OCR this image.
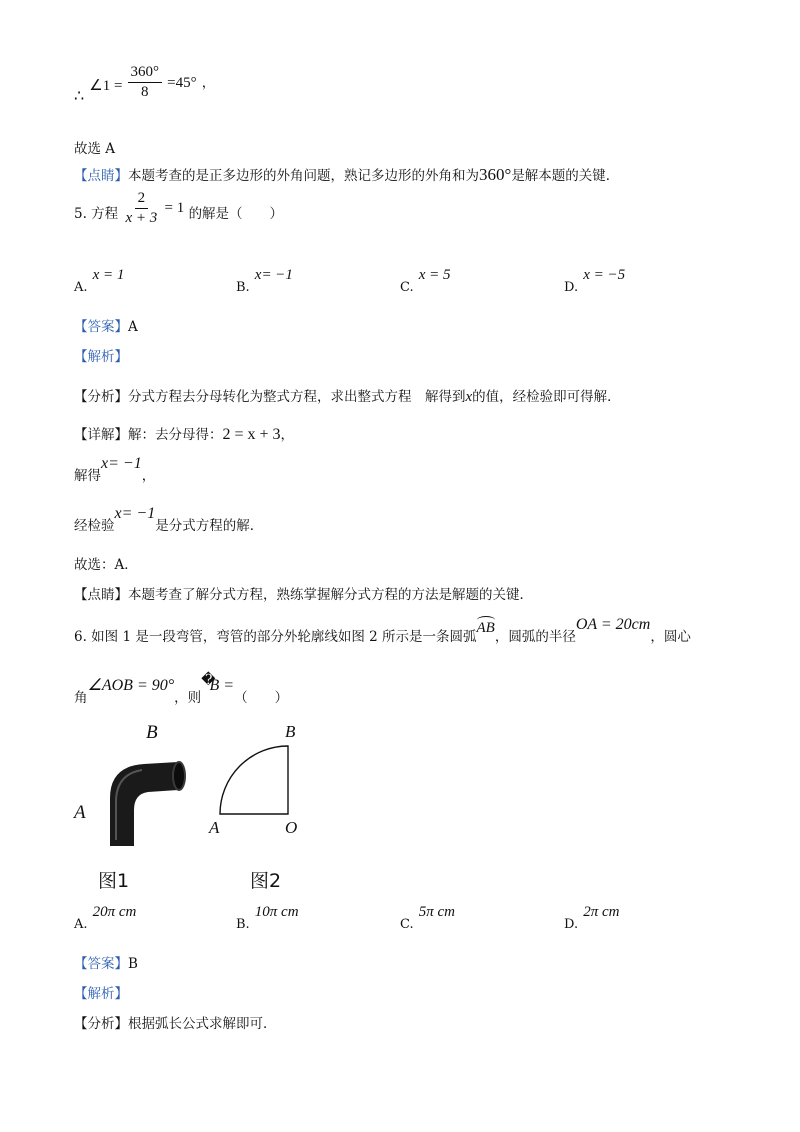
∴ ∠1 = $\frac{360^\circ}{8} =45^\circ$ ，
故选 A
【点睛】本题考查的是正多边形的外角问题，熟记多边形的外角和为360°是解本题的关键．
5. 方程 $\frac{2}{x + 3} = 1$ 的解是（　　）
$_{A.}$ x = 1
$_{B.}$ x= −1
$_{C.}$ x = 5
$_{D.}$ x = −5
【答案】A
【解析】
【分析】分式方程去分母转化为整式方程，求出整式方程　解得到x的值，经检验即可得解．
【详解】解：去分母得：2 = x + 3，
解得x= −1，
经检验x= −1是分式方程的解．
故选：A．
【点睛】本题考查了解分式方程，熟练掌握解分式方程的方法是解题的关键．
6. 如图 1 是一段弯管，弯管的部分外轮廓线如图 2 所示是一条圆弧AB，圆弧的半径OA = 20cm，圆心
角∠AOB = 90°，则�B =（　　）
B
A
图1
B
A	O
图2
$_{A.}$ 20π cm
$_{B.}$ 10π cm
$_{C.}$ 5π cm
$_{D.}$ 2π cm
【答案】B
【解析】
【分析】根据弧长公式求解即可．
